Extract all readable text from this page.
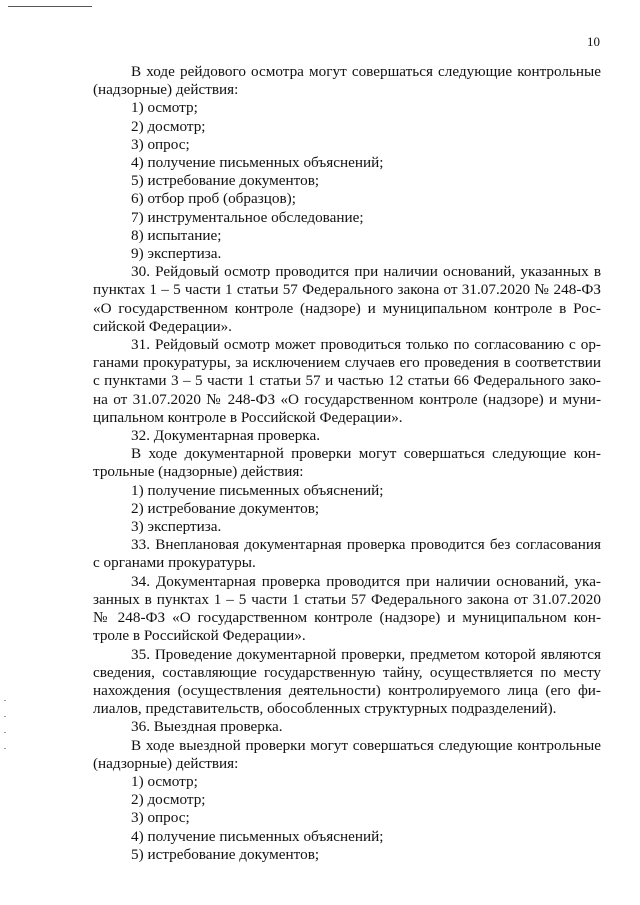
10

В ходе рейдового осмотра могут совершаться следующие контрольные (надзорные) действия:

1) осмотр;

2) досмотр;

3) опрос;

4) получение письменных объяснений;

5) истребование документов;

6) отбор проб (образцов);

7) инструментальное обследование;

8) испытание;

9) экспертиза.

30. Рейдовый осмотр проводится при наличии оснований, указанных в пунктах 1 – 5 части 1 статьи 57 Федерального закона от 31.07.2020 № 248-ФЗ «О государственном контроле (надзоре) и муниципальном контроле в Рос-сийской Федерации».

31. Рейдовый осмотр может проводиться только по согласованию с ор-ганами прокуратуры, за исключением случаев его проведения в соответствии с пунктами 3 – 5 части 1 статьи 57 и частью 12 статьи 66 Федерального зако-на от 31.07.2020 № 248-ФЗ «О государственном контроле (надзоре) и муни-ципальном контроле в Российской Федерации».

32. Документарная проверка.

В ходе документарной проверки могут совершаться следующие кон-трольные (надзорные) действия:

1) получение письменных объяснений;

2) истребование документов;

3) экспертиза.

33. Внеплановая документарная проверка проводится без согласования с органами прокуратуры.

34. Документарная проверка проводится при наличии оснований, ука-занных в пунктах 1 – 5 части 1 статьи 57 Федерального закона от 31.07.2020 № 248-ФЗ «О государственном контроле (надзоре) и муниципальном кон-троле в Российской Федерации».

35. Проведение документарной проверки, предметом которой являются сведения, составляющие государственную тайну, осуществляется по месту нахождения (осуществления деятельности) контролируемого лица (его фи-лиалов, представительств, обособленных структурных подразделений).

36. Выездная проверка.

В ходе выездной проверки могут совершаться следующие контрольные (надзорные) действия:

1) осмотр;

2) досмотр;

3) опрос;

4) получение письменных объяснений;

5) истребование документов;
